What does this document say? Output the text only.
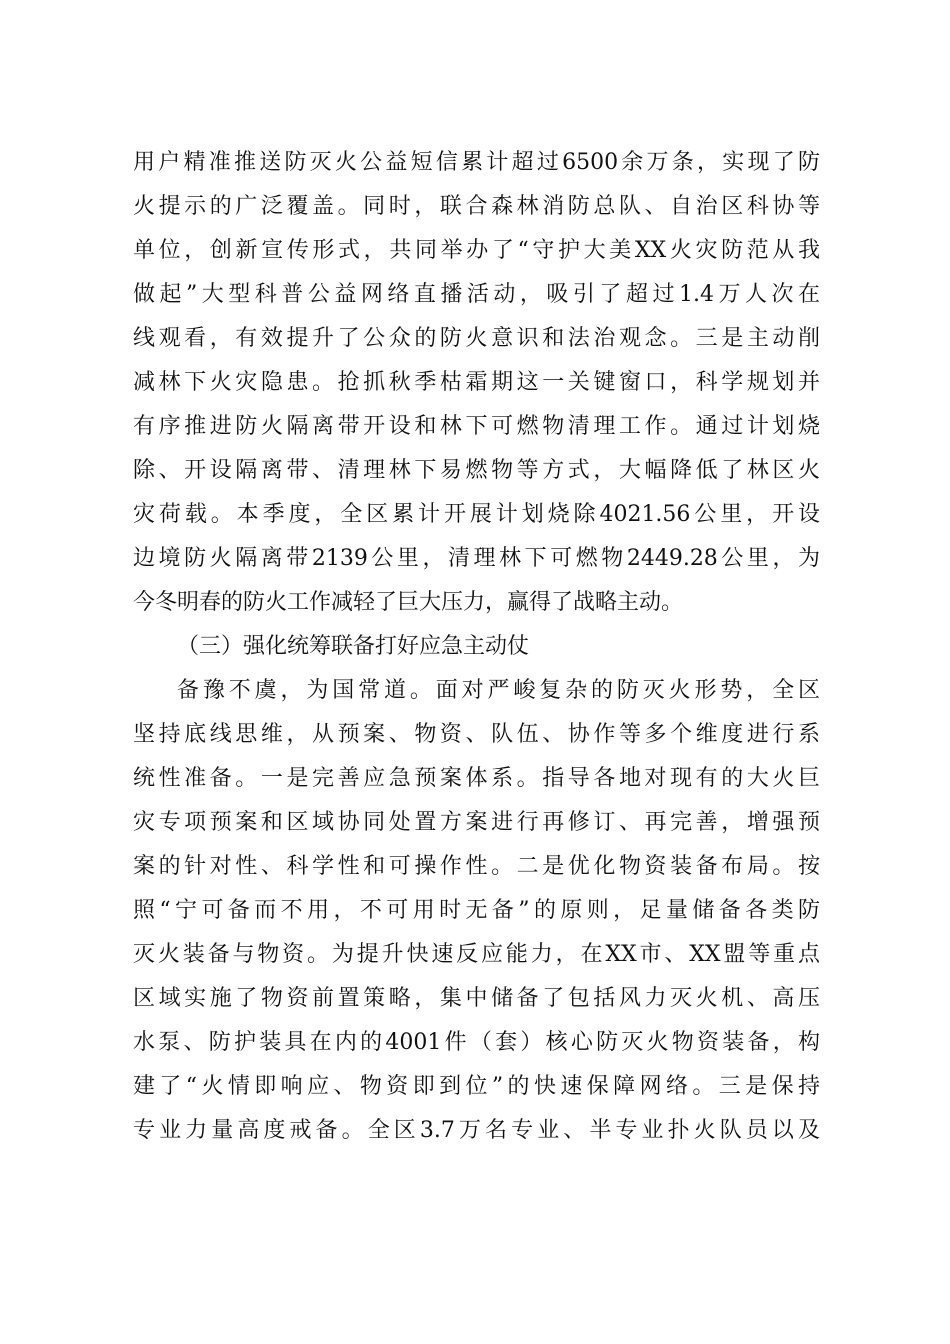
用户精准推送防灭火公益短信累计超过6500余万条，实现了防
火提示的广泛覆盖。同时，联合森林消防总队、自治区科协等
单位，创新宣传形式，共同举办了“守护大美XX火灾防范从我
做起”大型科普公益网络直播活动，吸引了超过1.4万人次在
线观看，有效提升了公众的防火意识和法治观念。三是主动削
减林下火灾隐患。抢抓秋季枯霜期这一关键窗口，科学规划并
有序推进防火隔离带开设和林下可燃物清理工作。通过计划烧
除、开设隔离带、清理林下易燃物等方式，大幅降低了林区火
灾荷载。本季度，全区累计开展计划烧除4021.56公里，开设
边境防火隔离带2139公里，清理林下可燃物2449.28公里，为
今冬明春的防火工作减轻了巨大压力，赢得了战略主动。
（三）强化统筹联备打好应急主动仗
备豫不虞，为国常道。面对严峻复杂的防灭火形势，全区
坚持底线思维，从预案、物资、队伍、协作等多个维度进行系
统性准备。一是完善应急预案体系。指导各地对现有的大火巨
灾专项预案和区域协同处置方案进行再修订、再完善，增强预
案的针对性、科学性和可操作性。二是优化物资装备布局。按
照“宁可备而不用，不可用时无备”的原则，足量储备各类防
灭火装备与物资。为提升快速反应能力，在XX市、XX盟等重点
区域实施了物资前置策略，集中储备了包括风力灭火机、高压
水泵、防护装具在内的4001件（套）核心防灭火物资装备，构
建了“火情即响应、物资即到位”的快速保障网络。三是保持
专业力量高度戒备。全区3.7万名专业、半专业扑火队员以及
